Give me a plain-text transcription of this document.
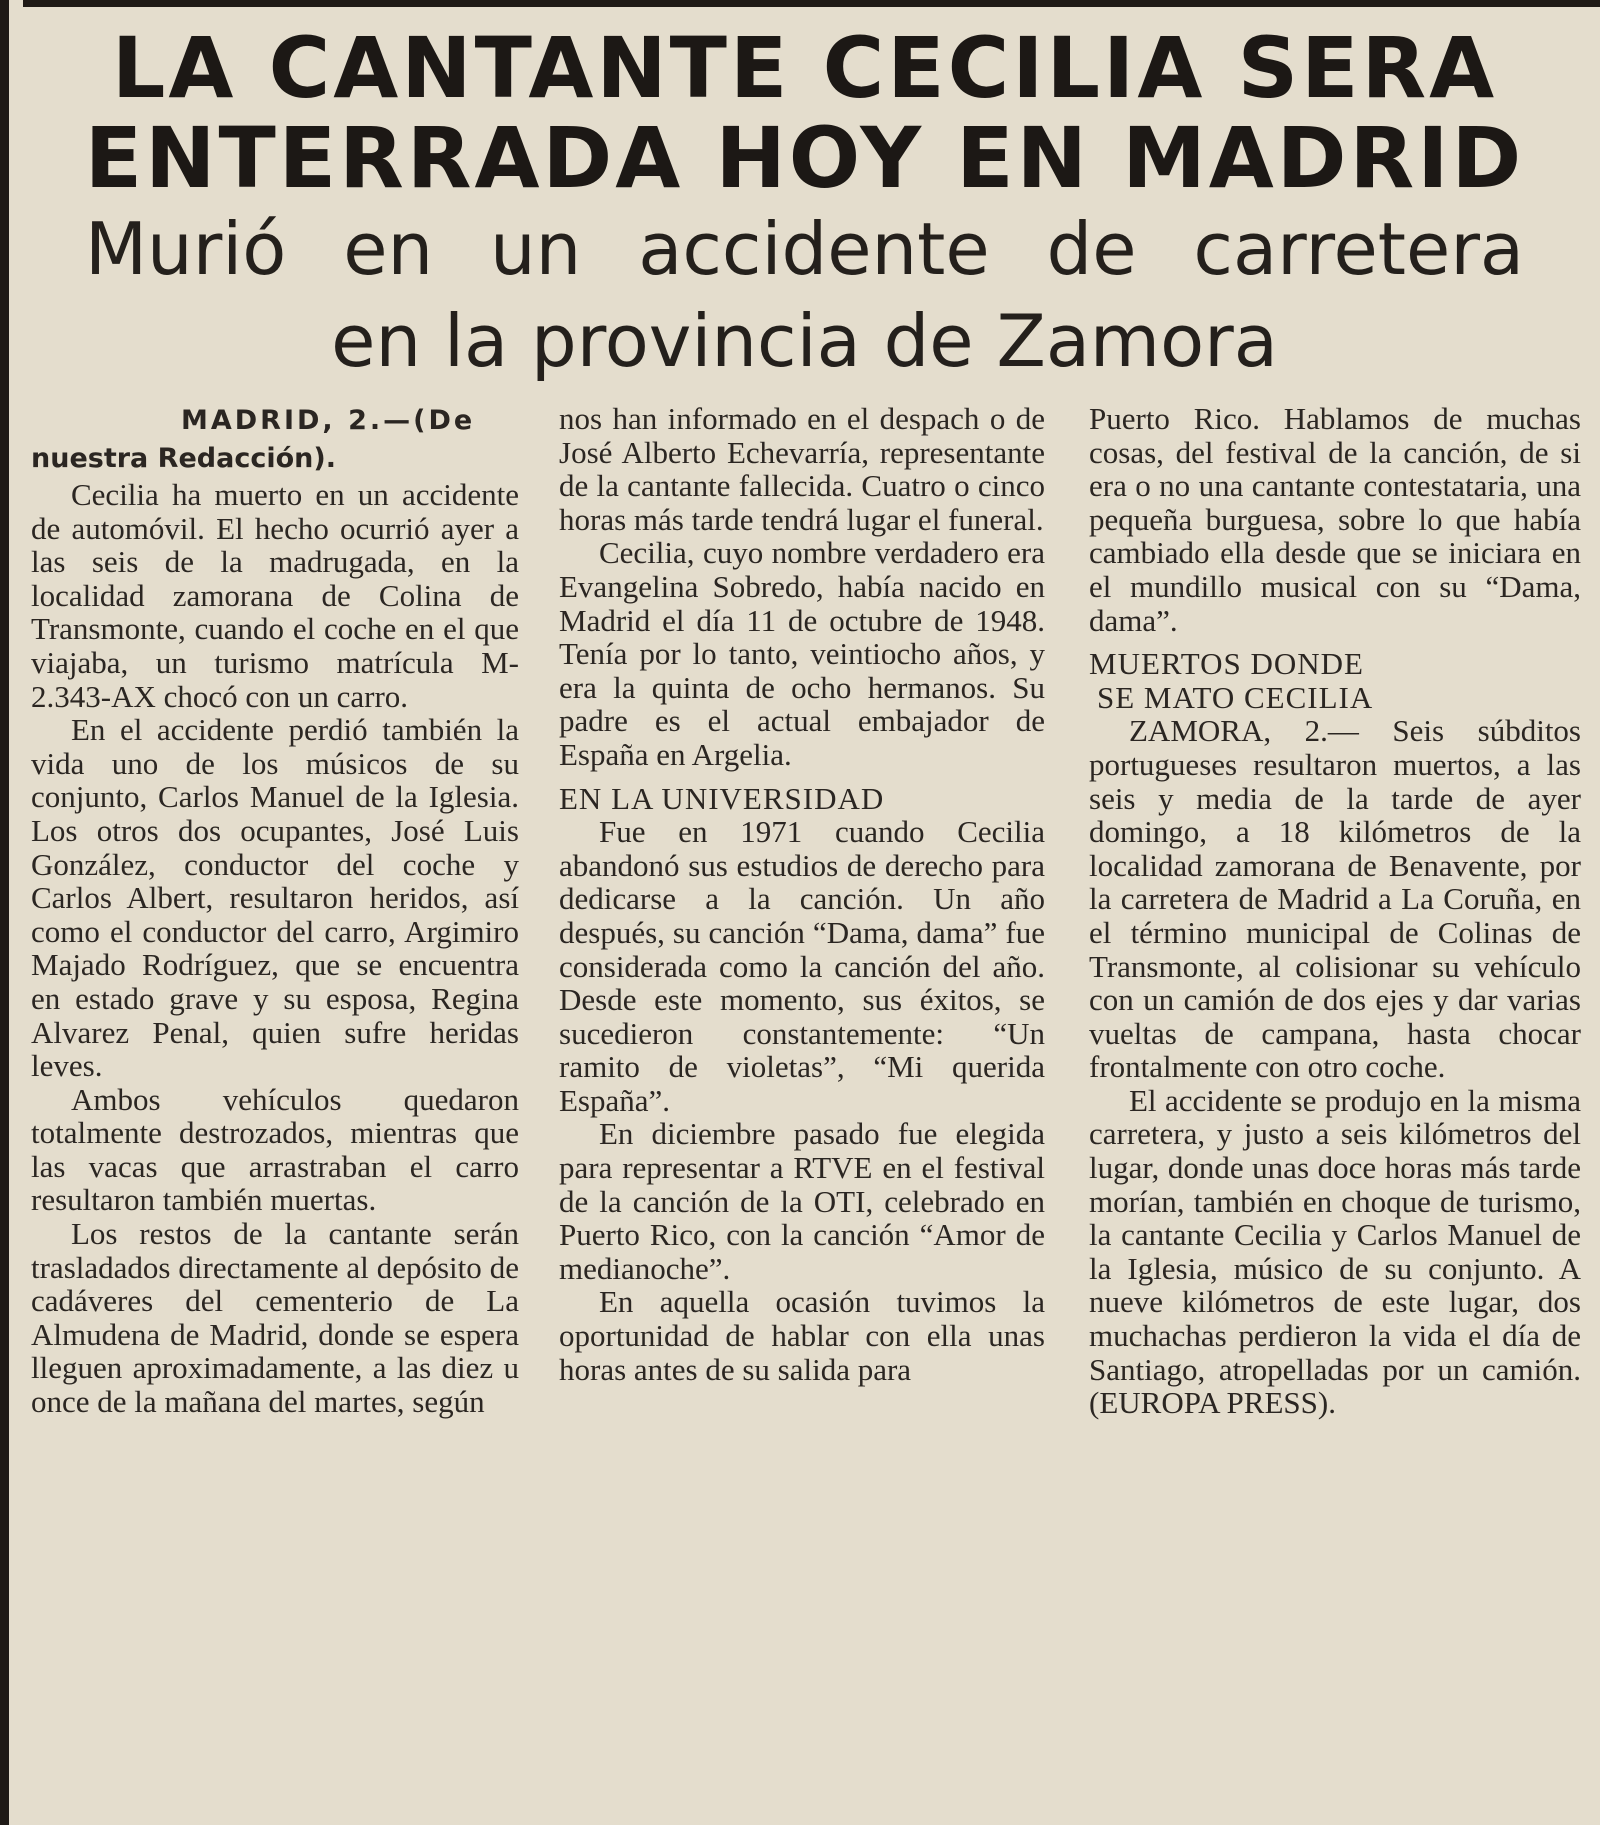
LA CANTANTE CECILIA SERA
ENTERRADA HOY EN MADRID
Murió en un accidente de carretera
en la provincia de Zamora

MADRID, 2.—(De
nuestra Redacción).

Cecilia ha muerto en un accidente de automóvil. El hecho ocurrió ayer a las seis de la madrugada, en la localidad zamorana de Colina de Transmonte, cuando el coche en el que viajaba, un turismo matrícula M-2.343-AX chocó con un carro.

En el accidente perdió también la vida uno de los músicos de su conjunto, Carlos Manuel de la Iglesia. Los otros dos ocupantes, José Luis González, conductor del coche y Carlos Albert, resultaron heridos, así como el conductor del carro, Argimiro Majado Rodríguez, que se encuentra en estado grave y su esposa, Regina Alvarez Penal, quien sufre heridas leves.

Ambos vehículos quedaron totalmente destrozados, mientras que las vacas que arrastraban el carro resultaron también muertas.

Los restos de la cantante serán trasladados directamente al depósito de cadáveres del cementerio de La Almudena de Madrid, donde se espera lleguen aproximadamente, a las diez u once de la mañana del martes, según

nos han informado en el despach o de José Alberto Echevarría, representante de la cantante fallecida. Cuatro o cinco horas más tarde tendrá lugar el funeral.

Cecilia, cuyo nombre verdadero era Evangelina Sobredo, había nacido en Madrid el día 11 de octubre de 1948. Tenía por lo tanto, veintiocho años, y era la quinta de ocho hermanos. Su padre es el actual embajador de España en Argelia.

EN LA UNIVERSIDAD

Fue en 1971 cuando Cecilia abandonó sus estudios de derecho para dedicarse a la canción. Un año después, su canción “Dama, dama” fue considerada como la canción del año. Desde este momento, sus éxitos, se sucedieron constantemente: “Un ramito de violetas”, “Mi querida España”.

En diciembre pasado fue elegida para representar a RTVE en el festival de la canción de la OTI, celebrado en Puerto Rico, con la canción “Amor de medianoche”.

En aquella ocasión tuvimos la oportunidad de hablar con ella unas horas antes de su salida para

Puerto Rico. Hablamos de muchas cosas, del festival de la canción, de si era o no una cantante contestataria, una pequeña burguesa, sobre lo que había cambiado ella desde que se iniciara en el mundillo musical con su “Dama, dama”.

MUERTOS DONDE
SE MATO CECILIA

ZAMORA, 2.— Seis súbditos portugueses resultaron muertos, a las seis y media de la tarde de ayer domingo, a 18 kilómetros de la localidad zamorana de Benavente, por la carretera de Madrid a La Coruña, en el término municipal de Colinas de Transmonte, al colisionar su vehículo con un camión de dos ejes y dar varias vueltas de campana, hasta chocar frontalmente con otro coche.

El accidente se produjo en la misma carretera, y justo a seis kilómetros del lugar, donde unas doce horas más tarde morían, también en choque de turismo, la cantante Cecilia y Carlos Manuel de la Iglesia, músico de su conjunto. A nueve kilómetros de este lugar, dos muchachas perdieron la vida el día de Santiago, atropelladas por un camión. (EUROPA PRESS).
